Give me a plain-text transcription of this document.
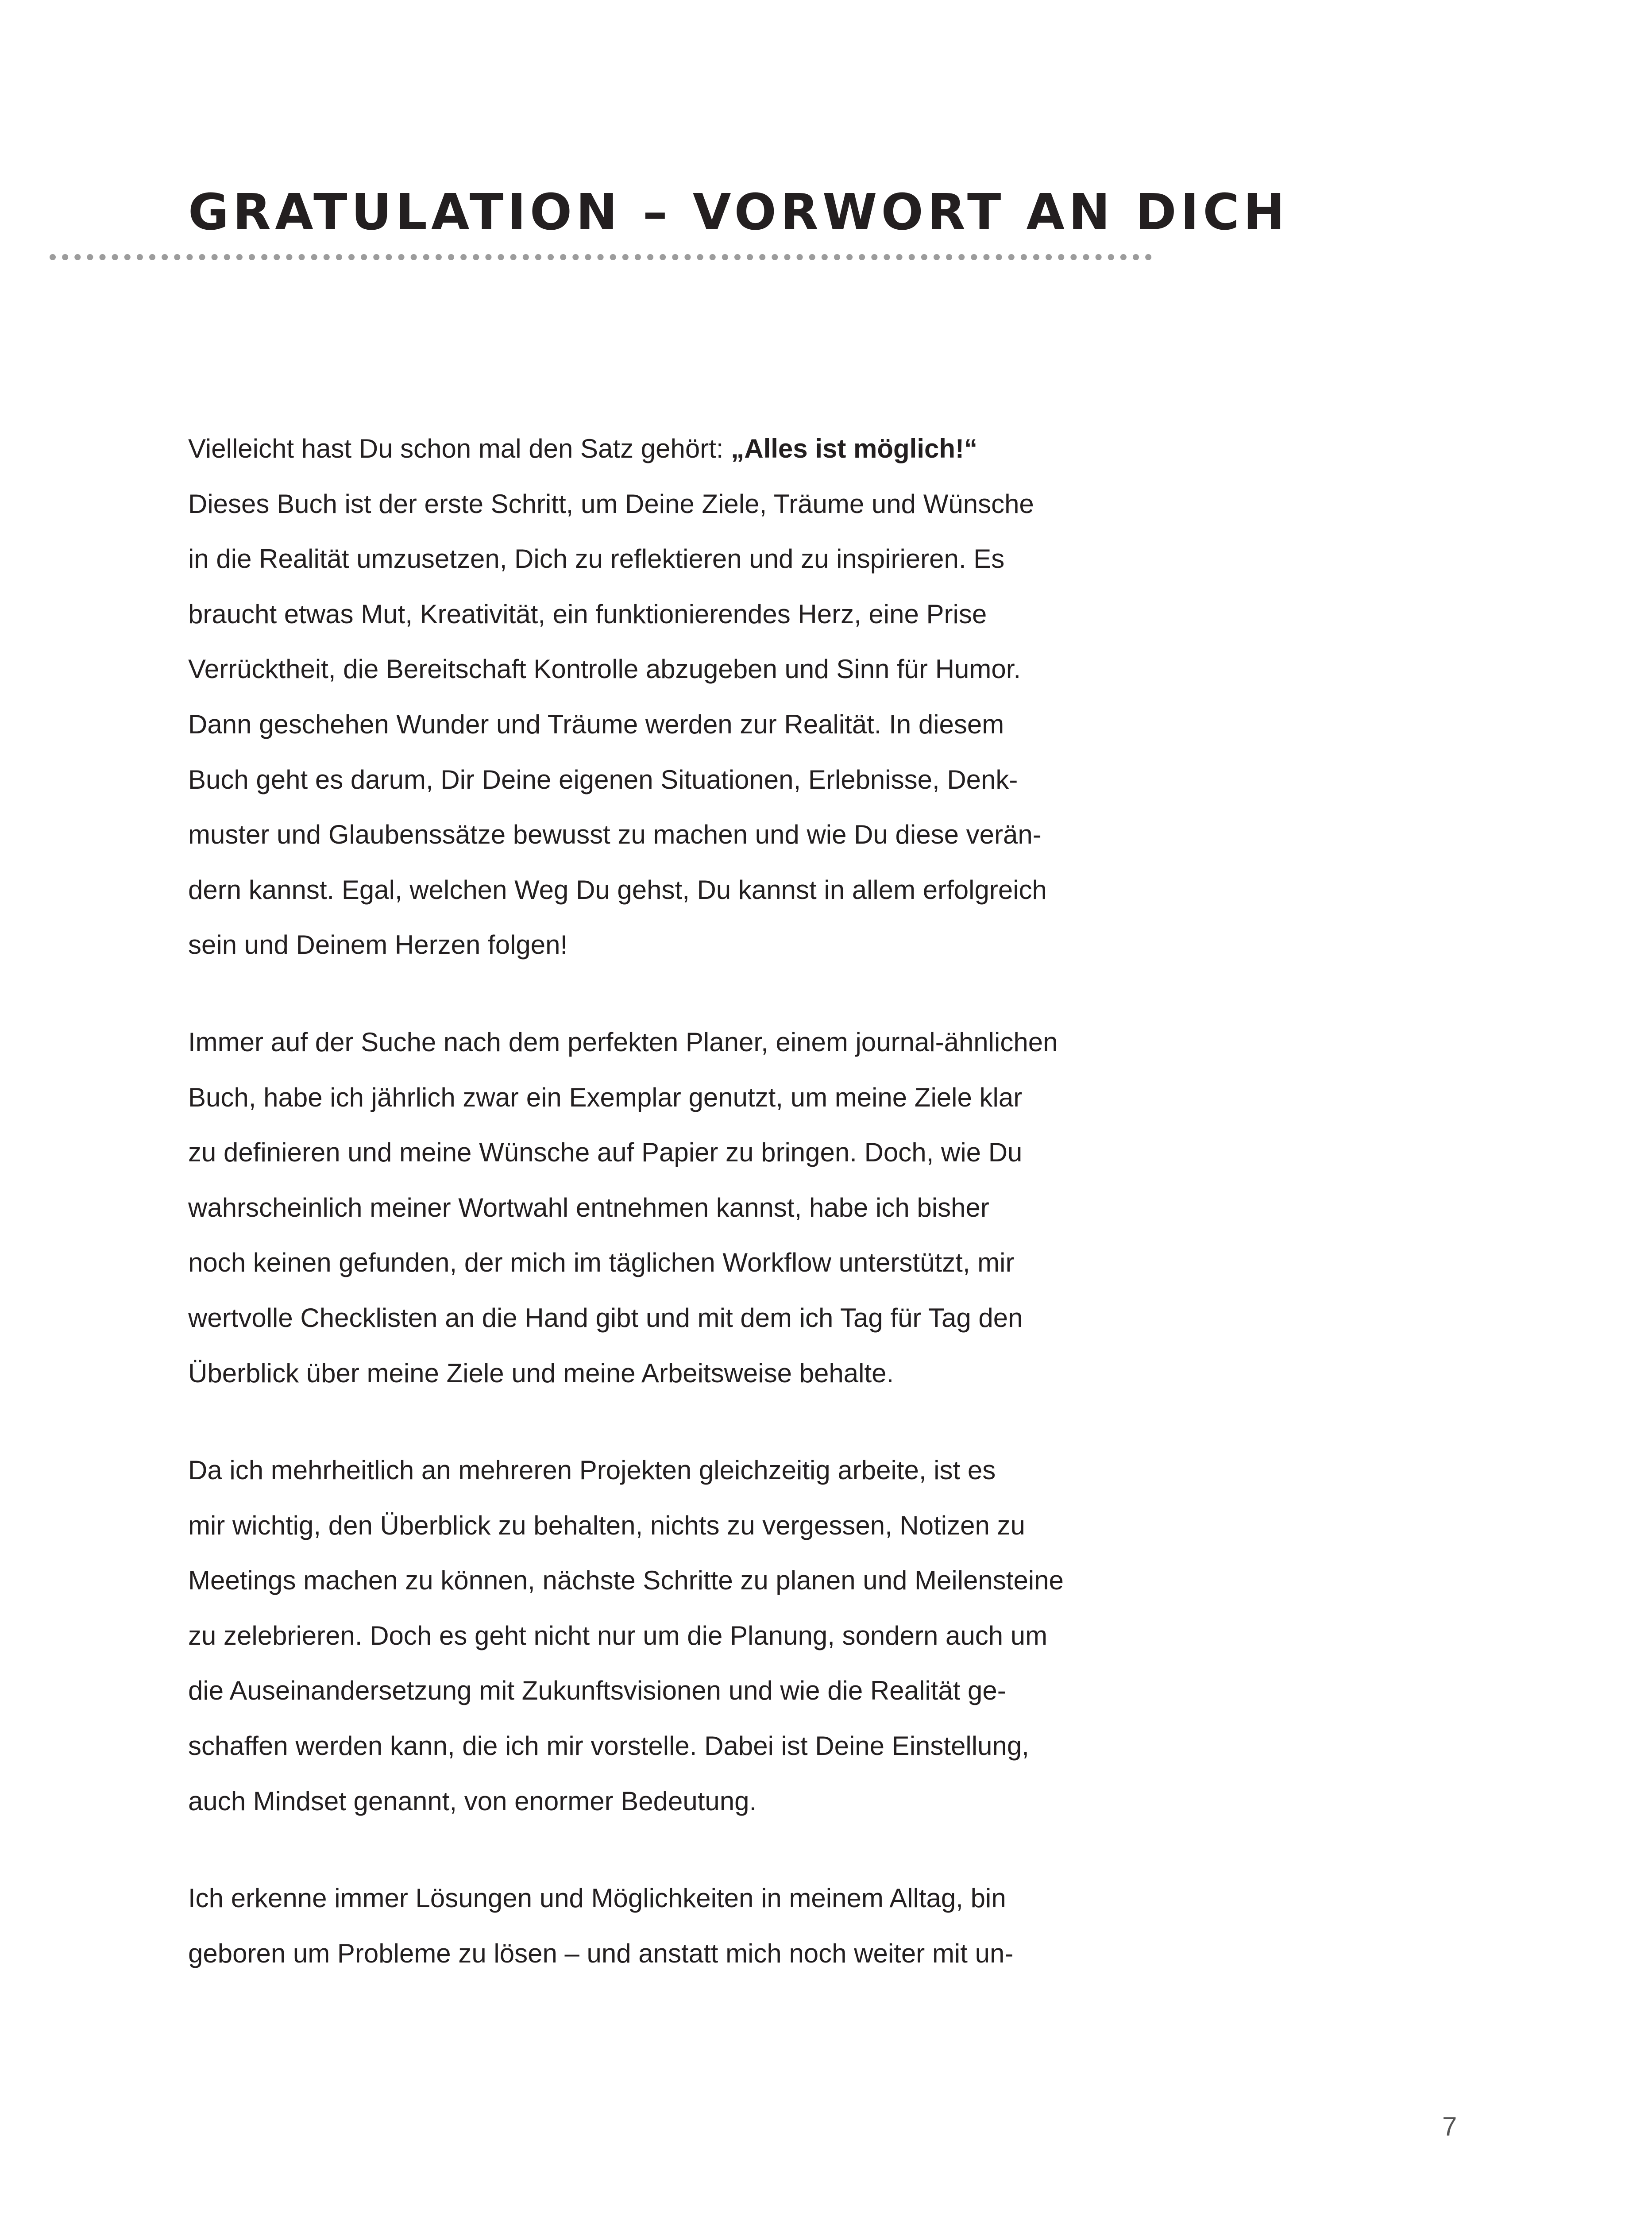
GRATULATION – VORWORT AN DICH

Vielleicht hast Du schon mal den Satz gehört: „Alles ist möglich!“
Dieses Buch ist der erste Schritt, um Deine Ziele, Träume und Wünsche
in die Realität umzusetzen, Dich zu reflektieren und zu inspirieren. Es
braucht etwas Mut, Kreativität, ein funktionierendes Herz, eine Prise
Verrücktheit, die Bereitschaft Kontrolle abzugeben und Sinn für Humor.
Dann geschehen Wunder und Träume werden zur Realität. In diesem
Buch geht es darum, Dir Deine eigenen Situationen, Erlebnisse, Denk-
muster und Glaubenssätze bewusst zu machen und wie Du diese verän-
dern kannst. Egal, welchen Weg Du gehst, Du kannst in allem erfolgreich
sein und Deinem Herzen folgen!

Immer auf der Suche nach dem perfekten Planer, einem journal-ähnlichen
Buch, habe ich jährlich zwar ein Exemplar genutzt, um meine Ziele klar
zu definieren und meine Wünsche auf Papier zu bringen. Doch, wie Du
wahrscheinlich meiner Wortwahl entnehmen kannst, habe ich bisher
noch keinen gefunden, der mich im täglichen Workflow unterstützt, mir
wertvolle Checklisten an die Hand gibt und mit dem ich Tag für Tag den
Überblick über meine Ziele und meine Arbeitsweise behalte.

Da ich mehrheitlich an mehreren Projekten gleichzeitig arbeite, ist es
mir wichtig, den Überblick zu behalten, nichts zu vergessen, Notizen zu
Meetings machen zu können, nächste Schritte zu planen und Meilensteine
zu zelebrieren. Doch es geht nicht nur um die Planung, sondern auch um
die Auseinandersetzung mit Zukunftsvisionen und wie die Realität ge-
schaffen werden kann, die ich mir vorstelle. Dabei ist Deine Einstellung,
auch Mindset genannt, von enormer Bedeutung.

Ich erkenne immer Lösungen und Möglichkeiten in meinem Alltag, bin
geboren um Probleme zu lösen – und anstatt mich noch weiter mit un-

7
